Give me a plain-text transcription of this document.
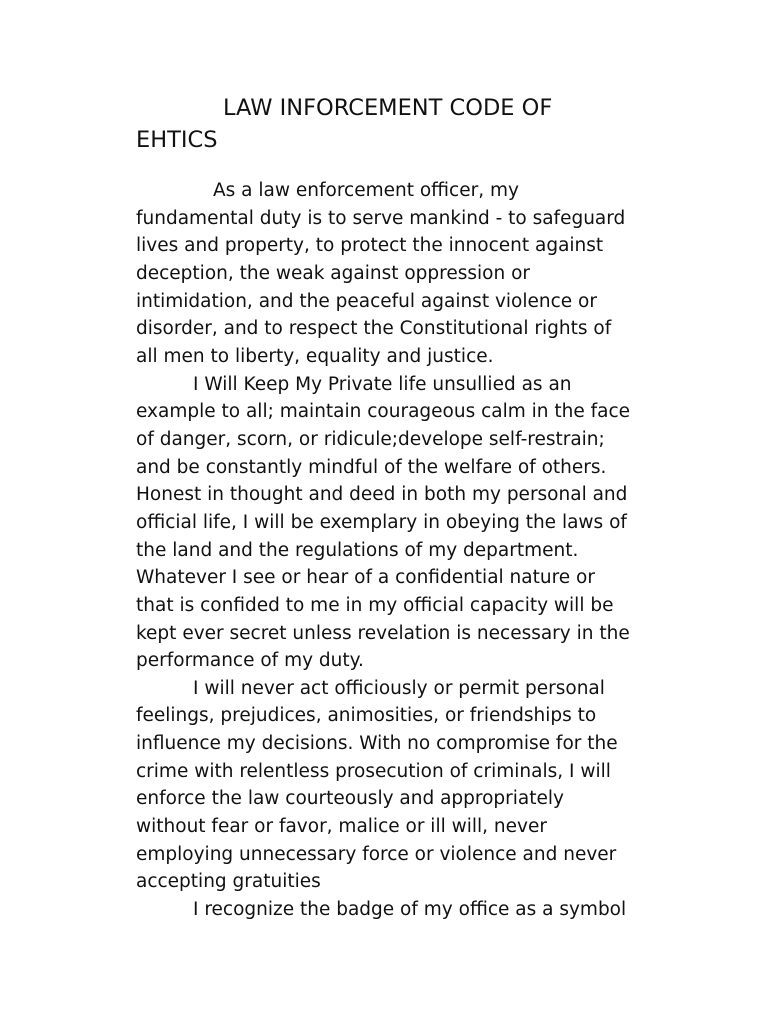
LAW INFORCEMENT CODE OF
EHTICS
As a law enforcement officer, my
fundamental duty is to serve mankind - to safeguard
lives and property, to protect the innocent against
deception, the weak against oppression or
intimidation, and the peaceful against violence or
disorder, and to respect the Constitutional rights of
all men to liberty, equality and justice.
I Will Keep My Private life unsullied as an
example to all; maintain courageous calm in the face
of danger, scorn, or ridicule;develope self-restrain;
and be constantly mindful of the welfare of others.
Honest in thought and deed in both my personal and
official life, I will be exemplary in obeying the laws of
the land and the regulations of my department.
Whatever I see or hear of a confidential nature or
that is confided to me in my official capacity will be
kept ever secret unless revelation is necessary in the
performance of my duty.
I will never act officiously or permit personal
feelings, prejudices, animosities, or friendships to
influence my decisions. With no compromise for the
crime with relentless prosecution of criminals, I will
enforce the law courteously and appropriately
without fear or favor, malice or ill will, never
employing unnecessary force or violence and never
accepting gratuities
I recognize the badge of my office as a symbol
